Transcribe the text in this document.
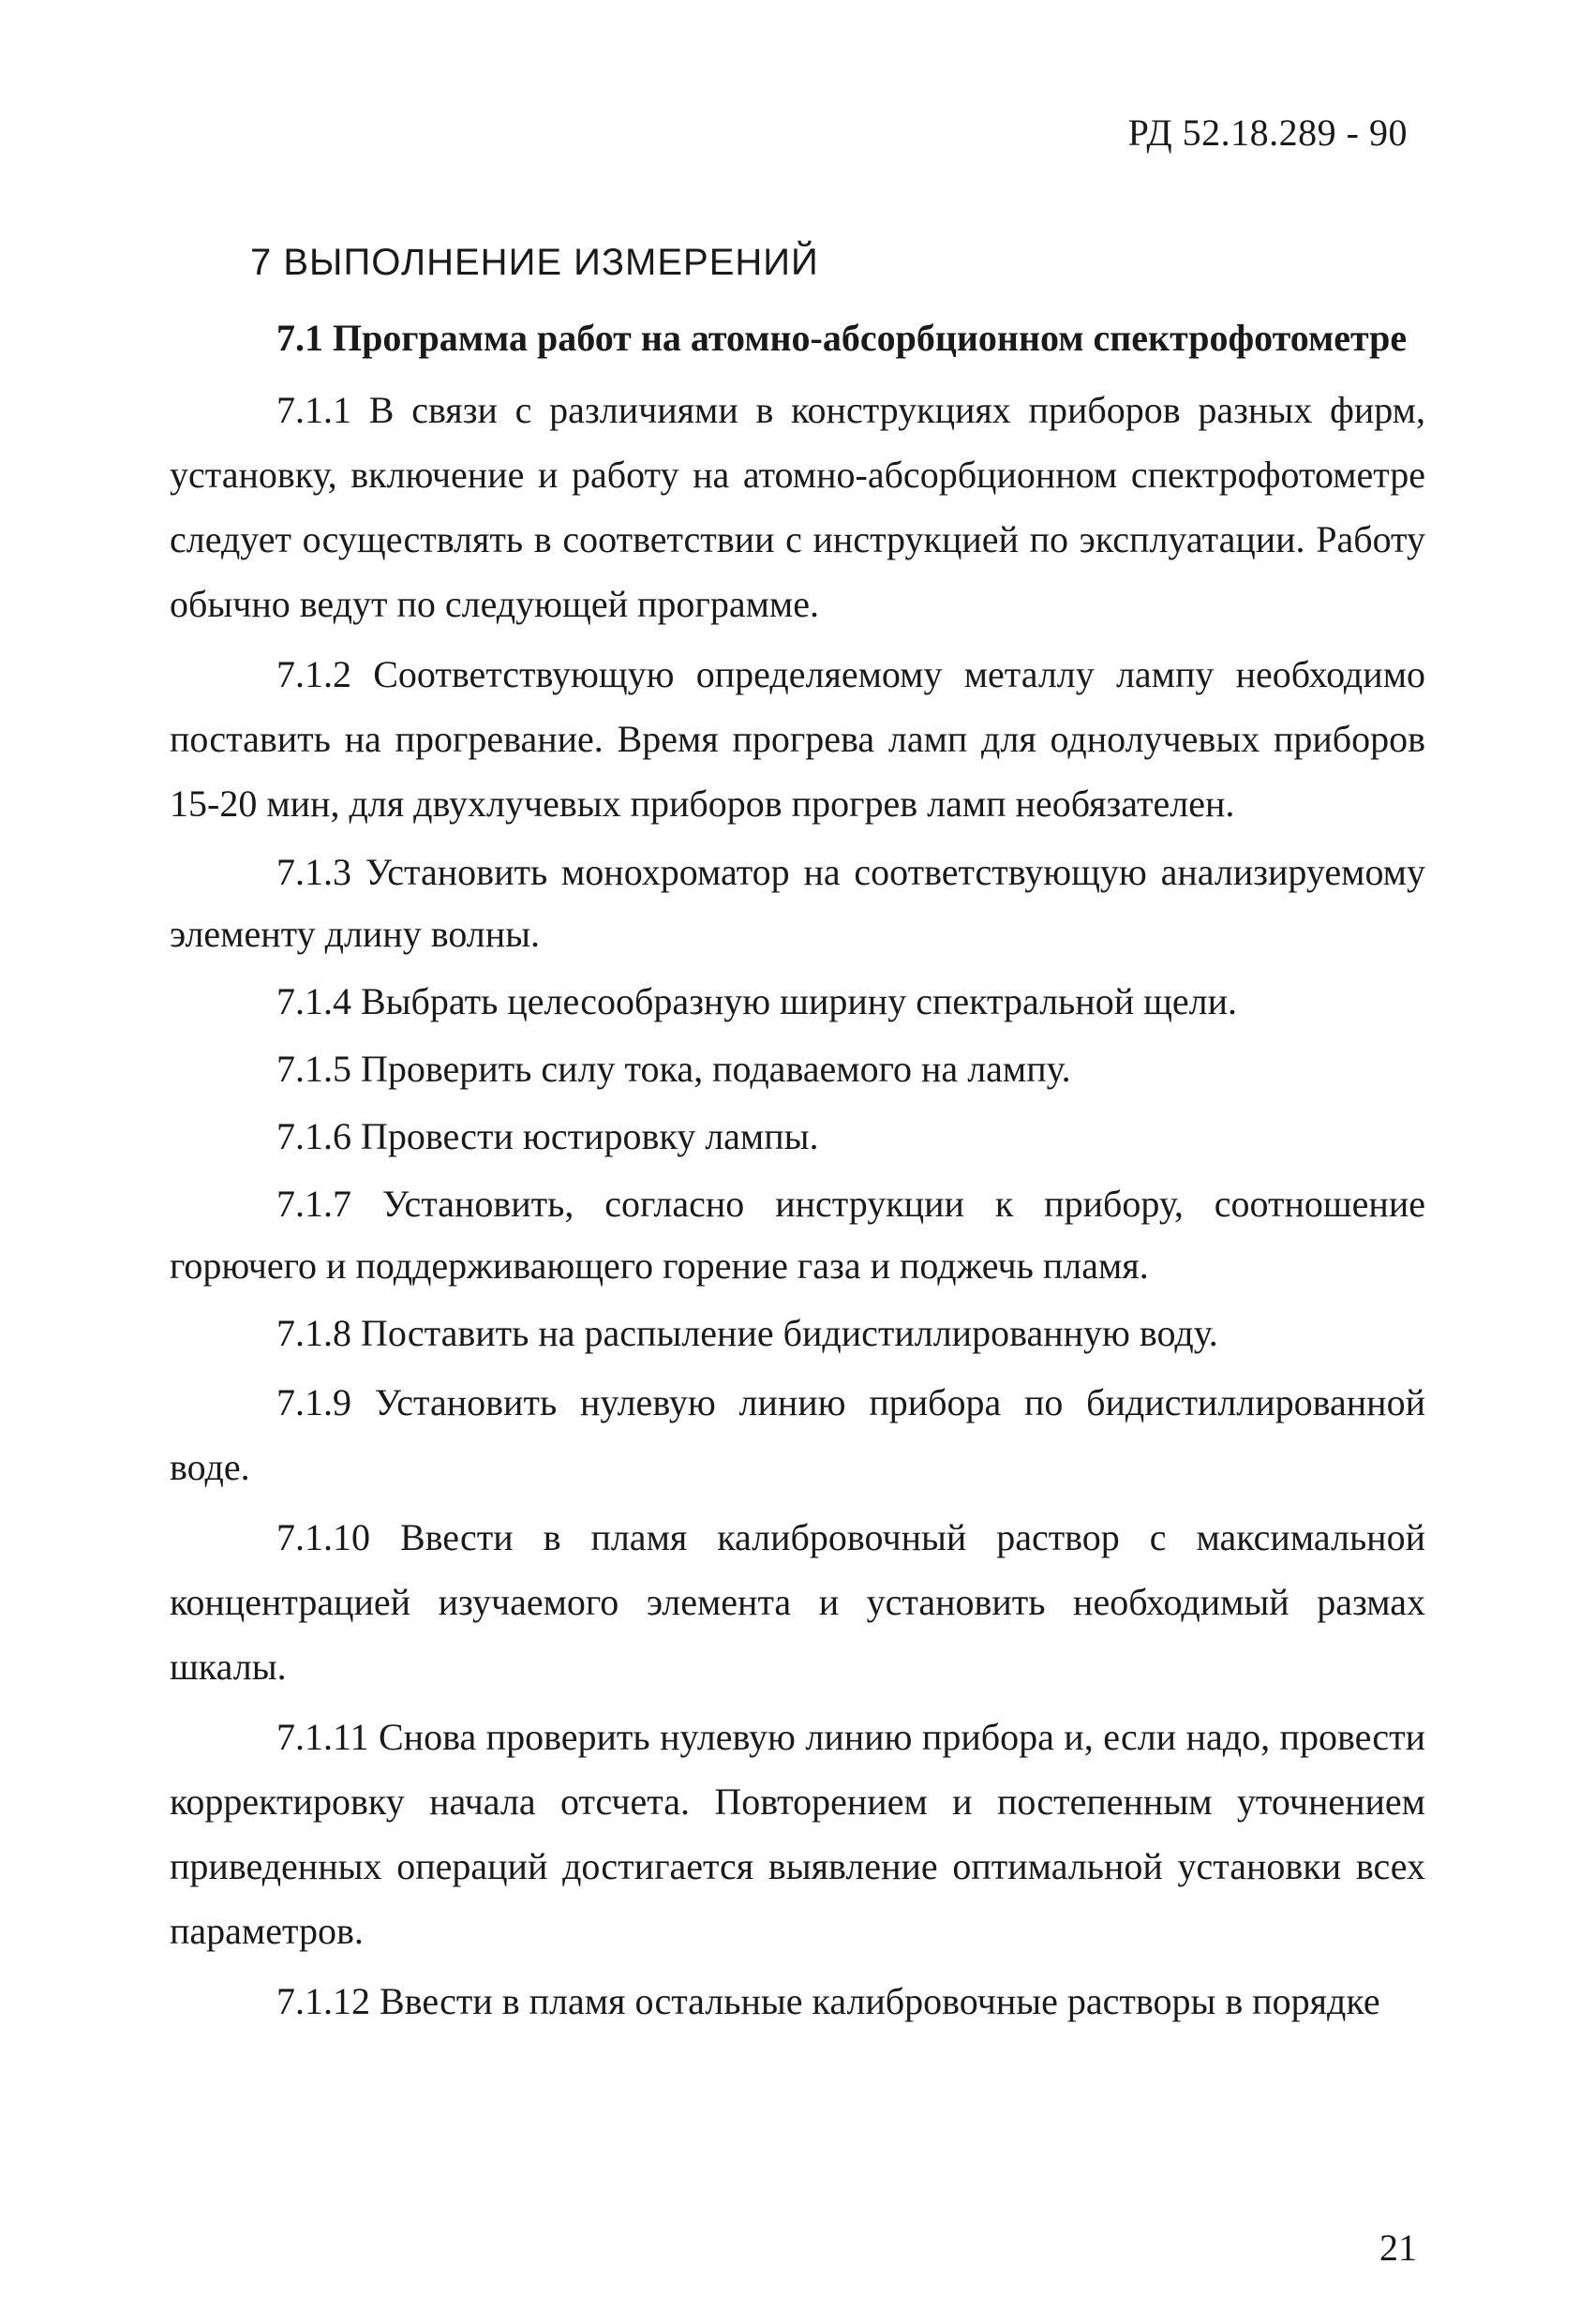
РД 52.18.289 - 90
7 ВЫПОЛНЕНИЕ ИЗМЕРЕНИЙ
7.1 Программа работ на атомно-абсорбционном спектрофотометре

7.1.1 В связи с различиями в конструкциях приборов разных фирм, установку, включение и работу на атомно-абсорбционном спектрофотометре следует осуществлять в соответствии с инструкцией по эксплуатации. Работу обычно ведут по следующей программе.

7.1.2 Соответствующую определяемому металлу лампу необходимо поставить на прогревание. Время прогрева ламп для однолучевых приборов 15-20 мин, для двухлучевых приборов прогрев ламп необязателен.

7.1.3 Установить монохроматор на соответствующую анализируемому элементу длину волны.

7.1.4 Выбрать целесообразную ширину спектральной щели.

7.1.5 Проверить силу тока, подаваемого на лампу.

7.1.6 Провести юстировку лампы.

7.1.7 Установить, согласно инструкции к прибору, соотношение горючего и поддерживающего горение газа и поджечь пламя.

7.1.8 Поставить на распыление бидистиллированную воду.

7.1.9 Установить нулевую линию прибора по бидистиллированной воде.

7.1.10 Ввести в пламя калибровочный раствор с максимальной концентрацией изучаемого элемента и установить необходимый размах шкалы.

7.1.11 Снова проверить нулевую линию прибора и, если надо, провести корректировку начала отсчета. Повторением и постепенным уточнением приведенных операций достигается выявление оптимальной установки всех параметров.

7.1.12 Ввести в пламя остальные калибровочные растворы в порядке

21
